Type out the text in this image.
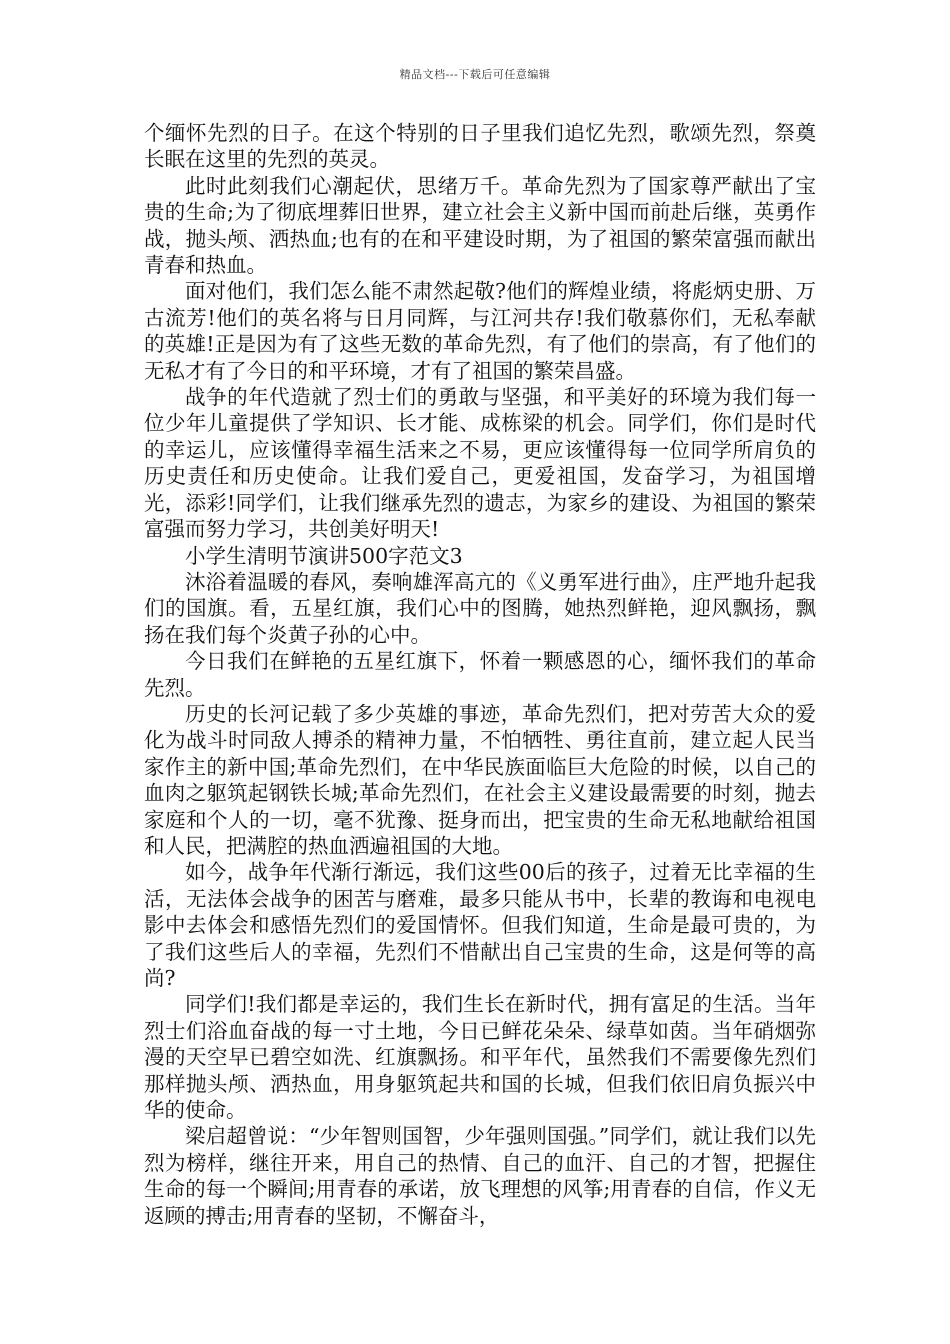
精品文档---下载后可任意编辑

个缅怀先烈的日子。在这个特别的日子里我们追忆先烈，歌颂先烈，祭奠长眠在这里的先烈的英灵。

此时此刻我们心潮起伏，思绪万千。革命先烈为了国家尊严献出了宝贵的生命;为了彻底埋葬旧世界，建立社会主义新中国而前赴后继，英勇作战，抛头颅、洒热血;也有的在和平建设时期，为了祖国的繁荣富强而献出青春和热血。

面对他们，我们怎么能不肃然起敬?他们的辉煌业绩，将彪炳史册、万古流芳!他们的英名将与日月同辉，与江河共存!我们敬慕你们，无私奉献的英雄!正是因为有了这些无数的革命先烈，有了他们的崇高，有了他们的无私才有了今日的和平环境，才有了祖国的繁荣昌盛。

战争的年代造就了烈士们的勇敢与坚强，和平美好的环境为我们每一位少年儿童提供了学知识、长才能、成栋梁的机会。同学们，你们是时代的幸运儿，应该懂得幸福生活来之不易，更应该懂得每一位同学所肩负的历史责任和历史使命。让我们爱自己，更爱祖国，发奋学习，为祖国增光，添彩!同学们，让我们继承先烈的遗志，为家乡的建设、为祖国的繁荣富强而努力学习，共创美好明天!

小学生清明节演讲500字范文3

沐浴着温暖的春风，奏响雄浑高亢的《义勇军进行曲》，庄严地升起我们的国旗。看，五星红旗，我们心中的图腾，她热烈鲜艳，迎风飘扬，飘扬在我们每个炎黄子孙的心中。

今日我们在鲜艳的五星红旗下，怀着一颗感恩的心，缅怀我们的革命先烈。

历史的长河记载了多少英雄的事迹，革命先烈们，把对劳苦大众的爱化为战斗时同敌人搏杀的精神力量，不怕牺牲、勇往直前，建立起人民当家作主的新中国;革命先烈们，在中华民族面临巨大危险的时候，以自己的血肉之躯筑起钢铁长城;革命先烈们，在社会主义建设最需要的时刻，抛去家庭和个人的一切，毫不犹豫、挺身而出，把宝贵的生命无私地献给祖国和人民，把满腔的热血洒遍祖国的大地。

如今，战争年代渐行渐远，我们这些00后的孩子，过着无比幸福的生活，无法体会战争的困苦与磨难，最多只能从书中，长辈的教诲和电视电影中去体会和感悟先烈们的爱国情怀。但我们知道，生命是最可贵的，为了我们这些后人的幸福，先烈们不惜献出自己宝贵的生命，这是何等的高尚?

同学们!我们都是幸运的，我们生长在新时代，拥有富足的生活。当年烈士们浴血奋战的每一寸土地，今日已鲜花朵朵、绿草如茵。当年硝烟弥漫的天空早已碧空如洗、红旗飘扬。和平年代，虽然我们不需要像先烈们那样抛头颅、洒热血，用身躯筑起共和国的长城，但我们依旧肩负振兴中华的使命。

梁启超曾说：“少年智则国智，少年强则国强。”同学们，就让我们以先烈为榜样，继往开来，用自己的热情、自己的血汗、自己的才智，把握住生命的每一个瞬间;用青春的承诺，放飞理想的风筝;用青春的自信，作义无返顾的搏击;用青春的坚韧，不懈奋斗，
